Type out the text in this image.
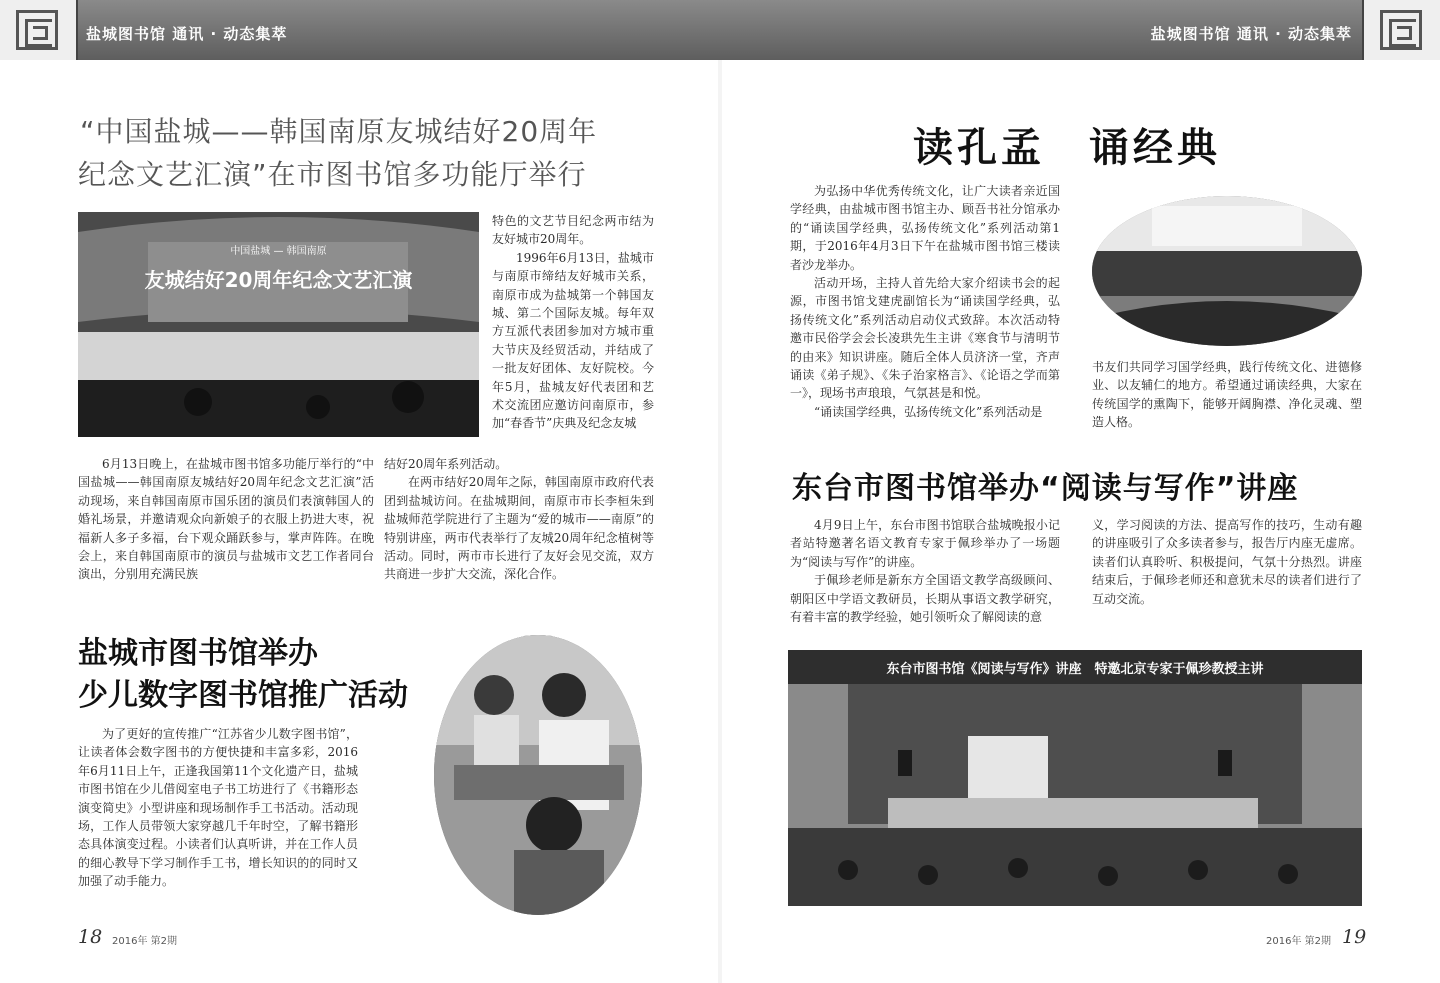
盐城图书馆 通讯 · 动态集萃	盐城图书馆 通讯 · 动态集萃
“中国盐城——韩国南原友城结好20周年
纪念文艺汇演”在市图书馆多功能厅举行
中国盐城 — 韩国南原
友城结好20周年纪念文艺汇演

特色的文艺节目纪念两市结为友好城市20周年。

1996年6月13日，盐城市与南原市缔结友好城市关系，南原市成为盐城第一个韩国友城、第二个国际友城。每年双方互派代表团参加对方城市重大节庆及经贸活动，并结成了一批友好团体、友好院校。今年5月，盐城友好代表团和艺术交流团应邀访问南原市，参加“春香节”庆典及纪念友城

6月13日晚上，在盐城市图书馆多功能厅举行的“中国盐城——韩国南原友城结好20周年纪念文艺汇演”活动现场，来自韩国南原市国乐团的演员们表演韩国人的婚礼场景，并邀请观众向新娘子的衣服上扔进大枣，祝福新人多子多福，台下观众踊跃参与，掌声阵阵。在晚会上，来自韩国南原市的演员与盐城市文艺工作者同台演出，分别用充满民族

结好20周年系列活动。

在两市结好20周年之际，韩国南原市政府代表团到盐城访问。在盐城期间，南原市市长李桓朱到盐城师范学院进行了主题为“爱的城市——南原”的特别讲座，两市代表举行了友城20周年纪念植树等活动。同时，两市市长进行了友好会见交流，双方共商进一步扩大交流，深化合作。

盐城市图书馆举办
少儿数字图书馆推广活动

为了更好的宣传推广“江苏省少儿数字图书馆”，让读者体会数字图书的方便快捷和丰富多彩，2016年6月11日上午，正逢我国第11个文化遗产日，盐城市图书馆在少儿借阅室电子书工坊进行了《书籍形态演变简史》小型讲座和现场制作手工书活动。活动现场，工作人员带领大家穿越几千年时空，了解书籍形态具体演变过程。小读者们认真听讲，并在工作人员的细心教导下学习制作手工书，增长知识的的同时又加强了动手能力。

读孔孟　诵经典

为弘扬中华优秀传统文化，让广大读者亲近国学经典，由盐城市图书馆主办、顾吾书社分馆承办的“诵读国学经典，弘扬传统文化”系列活动第1期，于2016年4月3日下午在盐城市图书馆三楼读者沙龙举办。

活动开场，主持人首先给大家介绍读书会的起源，市图书馆戈建虎副馆长为“诵读国学经典，弘扬传统文化”系列活动启动仪式致辞。本次活动特邀市民俗学会会长凌珙先生主讲《寒食节与清明节的由来》知识讲座。随后全体人员济济一堂，齐声诵读《弟子规》、《朱子治家格言》、《论语之学而第一》，现场书声琅琅，气氛甚是和悦。

“诵读国学经典，弘扬传统文化”系列活动是

书友们共同学习国学经典，践行传统文化、进德修业、以友辅仁的地方。希望通过诵读经典，大家在传统国学的熏陶下，能够开阔胸襟、净化灵魂、塑造人格。

东台市图书馆举办“阅读与写作”讲座

4月9日上午，东台市图书馆联合盐城晚报小记者站特邀著名语文教育专家于佩珍举办了一场题为“阅读与写作”的讲座。

于佩珍老师是新东方全国语文教学高级顾问、朝阳区中学语文教研员，长期从事语文教学研究，有着丰富的教学经验，她引领听众了解阅读的意

义，学习阅读的方法、提高写作的技巧，生动有趣的讲座吸引了众多读者参与，报告厅内座无虚席。读者们认真聆听、积极提问，气氛十分热烈。讲座结束后，于佩珍老师还和意犹未尽的读者们进行了互动交流。

东台市图书馆《阅读与写作》讲座　特邀北京专家于佩珍教授主讲
18 2016年 第2期	2016年 第2期 19
